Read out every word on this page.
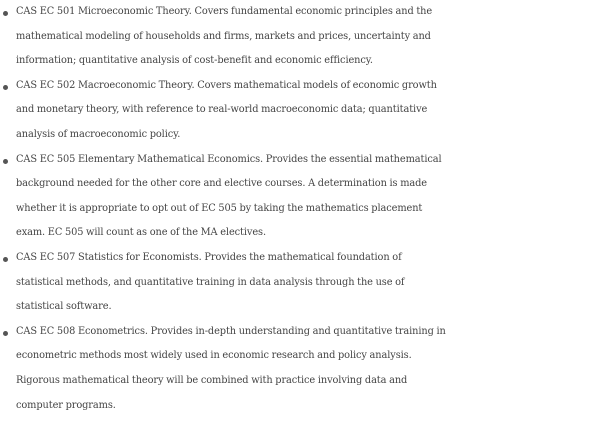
CAS EC 501 Microeconomic Theory. Covers fundamental economic principles and the
mathematical modeling of households and firms, markets and prices, uncertainty and
information; quantitative analysis of cost-benefit and economic efficiency.
CAS EC 502 Macroeconomic Theory. Covers mathematical models of economic growth
and monetary theory, with reference to real-world macroeconomic data; quantitative
analysis of macroeconomic policy.
CAS EC 505 Elementary Mathematical Economics. Provides the essential mathematical
background needed for the other core and elective courses. A determination is made
whether it is appropriate to opt out of EC 505 by taking the mathematics placement
exam. EC 505 will count as one of the MA electives.
CAS EC 507 Statistics for Economists. Provides the mathematical foundation of
statistical methods, and quantitative training in data analysis through the use of
statistical software.
CAS EC 508 Econometrics. Provides in-depth understanding and quantitative training in
econometric methods most widely used in economic research and policy analysis.
Rigorous mathematical theory will be combined with practice involving data and
computer programs.
